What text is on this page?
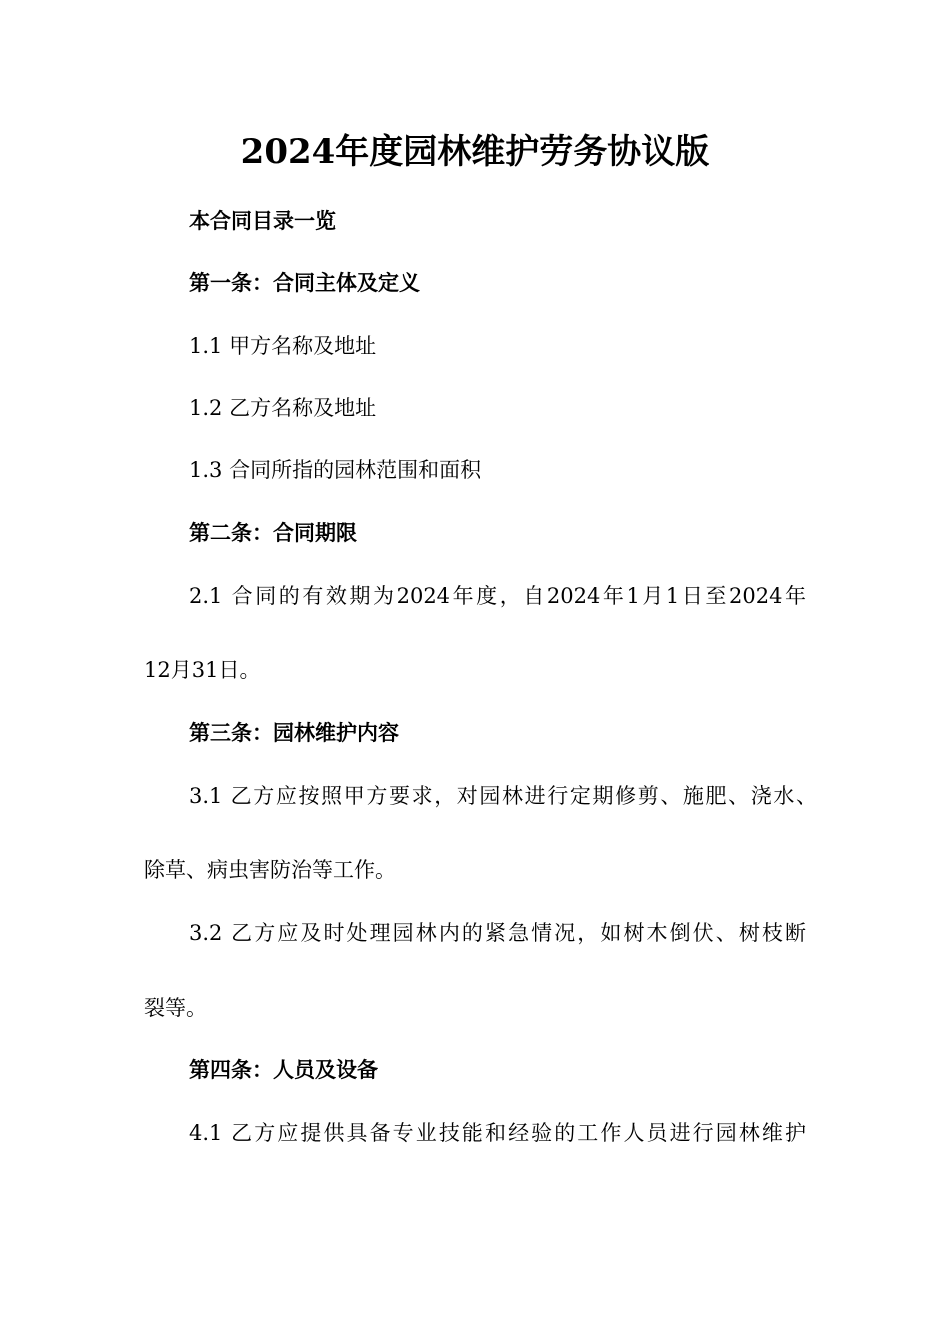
2024年度园林维护劳务协议版
本合同目录一览
第一条：合同主体及定义
1.1 甲方名称及地址
1.2 乙方名称及地址
1.3 合同所指的园林范围和面积
第二条：合同期限
2.1 合同的有效期为2024年度，自2024年1月1日至2024年
12月31日。
第三条：园林维护内容
3.1 乙方应按照甲方要求，对园林进行定期修剪、施肥、浇水、
除草、病虫害防治等工作。
3.2 乙方应及时处理园林内的紧急情况，如树木倒伏、树枝断
裂等。
第四条：人员及设备
4.1 乙方应提供具备专业技能和经验的工作人员进行园林维护
